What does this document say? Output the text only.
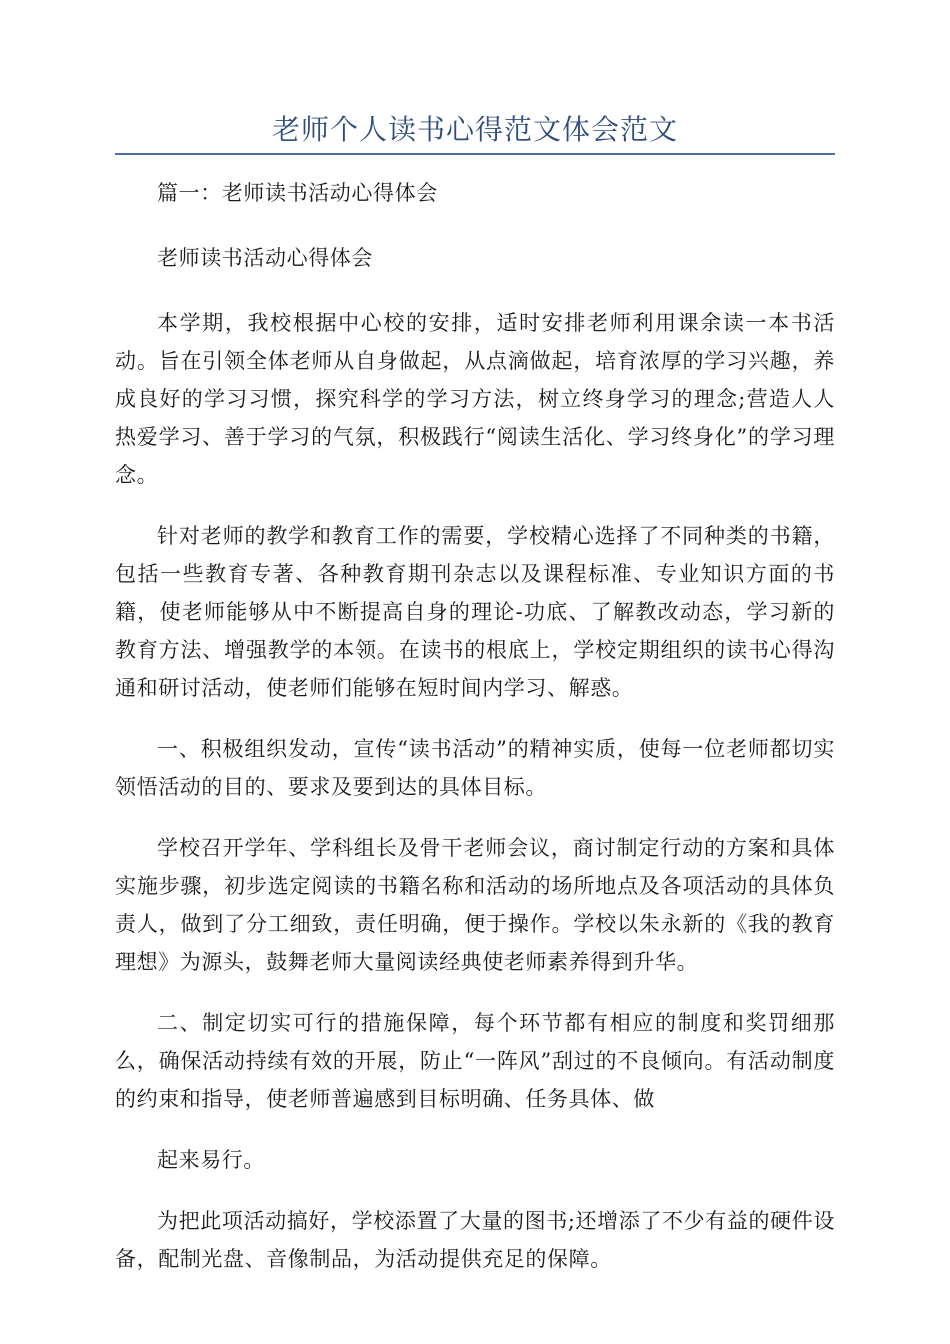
老师个人读书心得范文体会范文

篇一：老师读书活动心得体会

老师读书活动心得体会

本学期，我校根据中心校的安排，适时安排老师利用课余读一本书活动。旨在引领全体老师从自身做起，从点滴做起，培育浓厚的学习兴趣，养成良好的学习习惯，探究科学的学习方法，树立终身学习的理念;营造人人热爱学习、善于学习的气氛，积极践行“阅读生活化、学习终身化”的学习理念。

针对老师的教学和教育工作的需要，学校精心选择了不同种类的书籍，包括一些教育专著、各种教育期刊杂志以及课程标准、专业知识方面的书籍，使老师能够从中不断提高自身的理论-功底、了解教改动态，学习新的教育方法、增强教学的本领。在读书的根底上，学校定期组织的读书心得沟通和研讨活动，使老师们能够在短时间内学习、解惑。

一、积极组织发动，宣传“读书活动”的精神实质，使每一位老师都切实领悟活动的目的、要求及要到达的具体目标。

学校召开学年、学科组长及骨干老师会议，商讨制定行动的方案和具体实施步骤，初步选定阅读的书籍名称和活动的场所地点及各项活动的具体负责人，做到了分工细致，责任明确，便于操作。学校以朱永新的《我的教育理想》为源头，鼓舞老师大量阅读经典使老师素养得到升华。

二、制定切实可行的措施保障，每个环节都有相应的制度和奖罚细那么，确保活动持续有效的开展，防止“一阵风”刮过的不良倾向。有活动制度的约束和指导，使老师普遍感到目标明确、任务具体、做

起来易行。

为把此项活动搞好，学校添置了大量的图书;还增添了不少有益的硬件设备，配制光盘、音像制品，为活动提供充足的保障。
